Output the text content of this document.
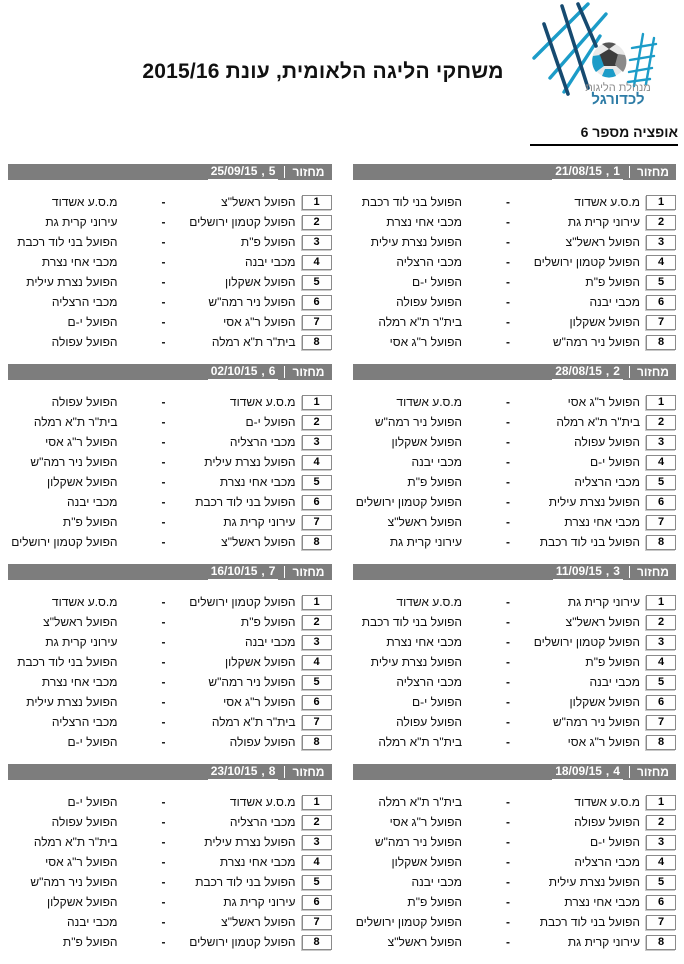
משחקי הליגה הלאומית, עונת 2015/16
מנהלת הליגות
לכדורגל
אופציה מספר 6
מחזור
1
,
21/08/15
1
מ.ס.ע אשדוד
-
הפועל בני לוד רכבת
2
עירוני קרית גת
-
מכבי אחי נצרת
3
הפועל ראשל"צ
-
הפועל נצרת עילית
4
הפועל קטמון ירושלים
-
מכבי הרצליה
5
הפועל פ"ת
-
הפועל י-ם
6
מכבי יבנה
-
הפועל עפולה
7
הפועל אשקלון
-
בית"ר ת"א רמלה
8
הפועל ניר רמה"ש
-
הפועל ר"ג אסי
מחזור
2
,
28/08/15
1
הפועל ר"ג אסי
-
מ.ס.ע אשדוד
2
בית"ר ת"א רמלה
-
הפועל ניר רמה"ש
3
הפועל עפולה
-
הפועל אשקלון
4
הפועל י-ם
-
מכבי יבנה
5
מכבי הרצליה
-
הפועל פ"ת
6
הפועל נצרת עילית
-
הפועל קטמון ירושלים
7
מכבי אחי נצרת
-
הפועל ראשל"צ
8
הפועל בני לוד רכבת
-
עירוני קרית גת
מחזור
3
,
11/09/15
1
עירוני קרית גת
-
מ.ס.ע אשדוד
2
הפועל ראשל"צ
-
הפועל בני לוד רכבת
3
הפועל קטמון ירושלים
-
מכבי אחי נצרת
4
הפועל פ"ת
-
הפועל נצרת עילית
5
מכבי יבנה
-
מכבי הרצליה
6
הפועל אשקלון
-
הפועל י-ם
7
הפועל ניר רמה"ש
-
הפועל עפולה
8
הפועל ר"ג אסי
-
בית"ר ת"א רמלה
מחזור
4
,
18/09/15
1
מ.ס.ע אשדוד
-
בית"ר ת"א רמלה
2
הפועל עפולה
-
הפועל ר"ג אסי
3
הפועל י-ם
-
הפועל ניר רמה"ש
4
מכבי הרצליה
-
הפועל אשקלון
5
הפועל נצרת עילית
-
מכבי יבנה
6
מכבי אחי נצרת
-
הפועל פ"ת
7
הפועל בני לוד רכבת
-
הפועל קטמון ירושלים
8
עירוני קרית גת
-
הפועל ראשל"צ
מחזור
5
,
25/09/15
1
הפועל ראשל"צ
-
מ.ס.ע אשדוד
2
הפועל קטמון ירושלים
-
עירוני קרית גת
3
הפועל פ"ת
-
הפועל בני לוד רכבת
4
מכבי יבנה
-
מכבי אחי נצרת
5
הפועל אשקלון
-
הפועל נצרת עילית
6
הפועל ניר רמה"ש
-
מכבי הרצליה
7
הפועל ר"ג אסי
-
הפועל י-ם
8
בית"ר ת"א רמלה
-
הפועל עפולה
מחזור
6
,
02/10/15
1
מ.ס.ע אשדוד
-
הפועל עפולה
2
הפועל י-ם
-
בית"ר ת"א רמלה
3
מכבי הרצליה
-
הפועל ר"ג אסי
4
הפועל נצרת עילית
-
הפועל ניר רמה"ש
5
מכבי אחי נצרת
-
הפועל אשקלון
6
הפועל בני לוד רכבת
-
מכבי יבנה
7
עירוני קרית גת
-
הפועל פ"ת
8
הפועל ראשל"צ
-
הפועל קטמון ירושלים
מחזור
7
,
16/10/15
1
הפועל קטמון ירושלים
-
מ.ס.ע אשדוד
2
הפועל פ"ת
-
הפועל ראשל"צ
3
מכבי יבנה
-
עירוני קרית גת
4
הפועל אשקלון
-
הפועל בני לוד רכבת
5
הפועל ניר רמה"ש
-
מכבי אחי נצרת
6
הפועל ר"ג אסי
-
הפועל נצרת עילית
7
בית"ר ת"א רמלה
-
מכבי הרצליה
8
הפועל עפולה
-
הפועל י-ם
מחזור
8
,
23/10/15
1
מ.ס.ע אשדוד
-
הפועל י-ם
2
מכבי הרצליה
-
הפועל עפולה
3
הפועל נצרת עילית
-
בית"ר ת"א רמלה
4
מכבי אחי נצרת
-
הפועל ר"ג אסי
5
הפועל בני לוד רכבת
-
הפועל ניר רמה"ש
6
עירוני קרית גת
-
הפועל אשקלון
7
הפועל ראשל"צ
-
מכבי יבנה
8
הפועל קטמון ירושלים
-
הפועל פ"ת
